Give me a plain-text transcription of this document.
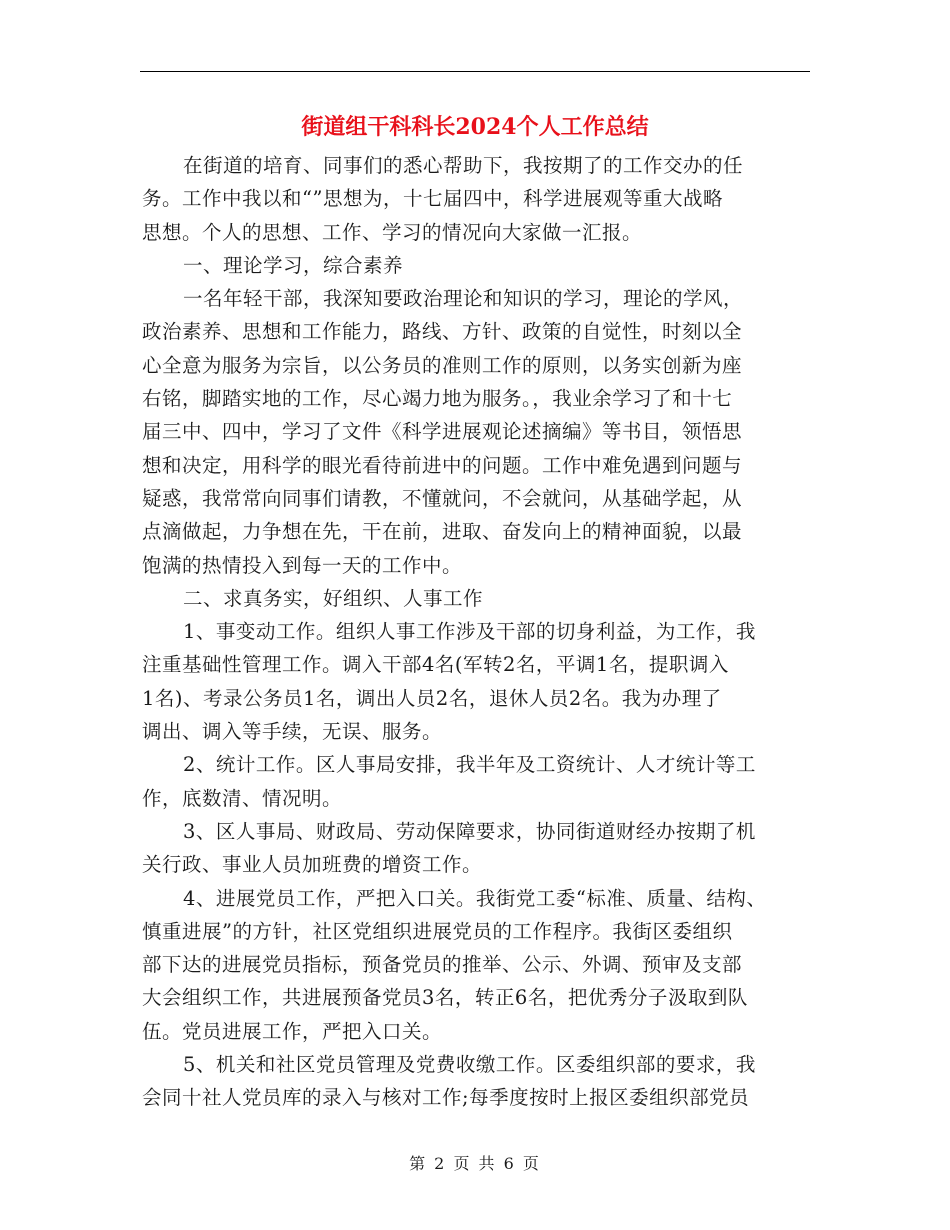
街道组干科科长2024个人工作总结
在街道的培育、同事们的悉心帮助下，我按期了的工作交办的任
务。工作中我以和“”思想为，十七届四中，科学进展观等重大战略
思想。个人的思想、工作、学习的情况向大家做一汇报。
一、理论学习，综合素养
一名年轻干部，我深知要政治理论和知识的学习，理论的学风，
政治素养、思想和工作能力，路线、方针、政策的自觉性，时刻以全
心全意为服务为宗旨，以公务员的准则工作的原则，以务实创新为座
右铭，脚踏实地的工作，尽心竭力地为服务。，我业余学习了和十七
届三中、四中，学习了文件《科学进展观论述摘编》等书目，领悟思
想和决定，用科学的眼光看待前进中的问题。工作中难免遇到问题与
疑惑，我常常向同事们请教，不懂就问，不会就问，从基础学起，从
点滴做起，力争想在先，干在前，进取、奋发向上的精神面貌，以最
饱满的热情投入到每一天的工作中。
二、求真务实，好组织、人事工作
1、事变动工作。组织人事工作涉及干部的切身利益，为工作，我
注重基础性管理工作。调入干部4名(军转2名，平调1名，提职调入
1名)、考录公务员1名，调出人员2名，退休人员2名。我为办理了
调出、调入等手续，无误、服务。
2、统计工作。区人事局安排，我半年及工资统计、人才统计等工
作，底数清、情况明。
3、区人事局、财政局、劳动保障要求，协同街道财经办按期了机
关行政、事业人员加班费的增资工作。
4、进展党员工作，严把入口关。我街党工委“标准、质量、结构、
慎重进展”的方针，社区党组织进展党员的工作程序。我街区委组织
部下达的进展党员指标，预备党员的推举、公示、外调、预审及支部
大会组织工作，共进展预备党员3名，转正6名，把优秀分子汲取到队
伍。党员进展工作，严把入口关。
5、机关和社区党员管理及党费收缴工作。区委组织部的要求，我
会同十社人党员库的录入与核对工作;每季度按时上报区委组织部党员
第 2 页 共 6 页
